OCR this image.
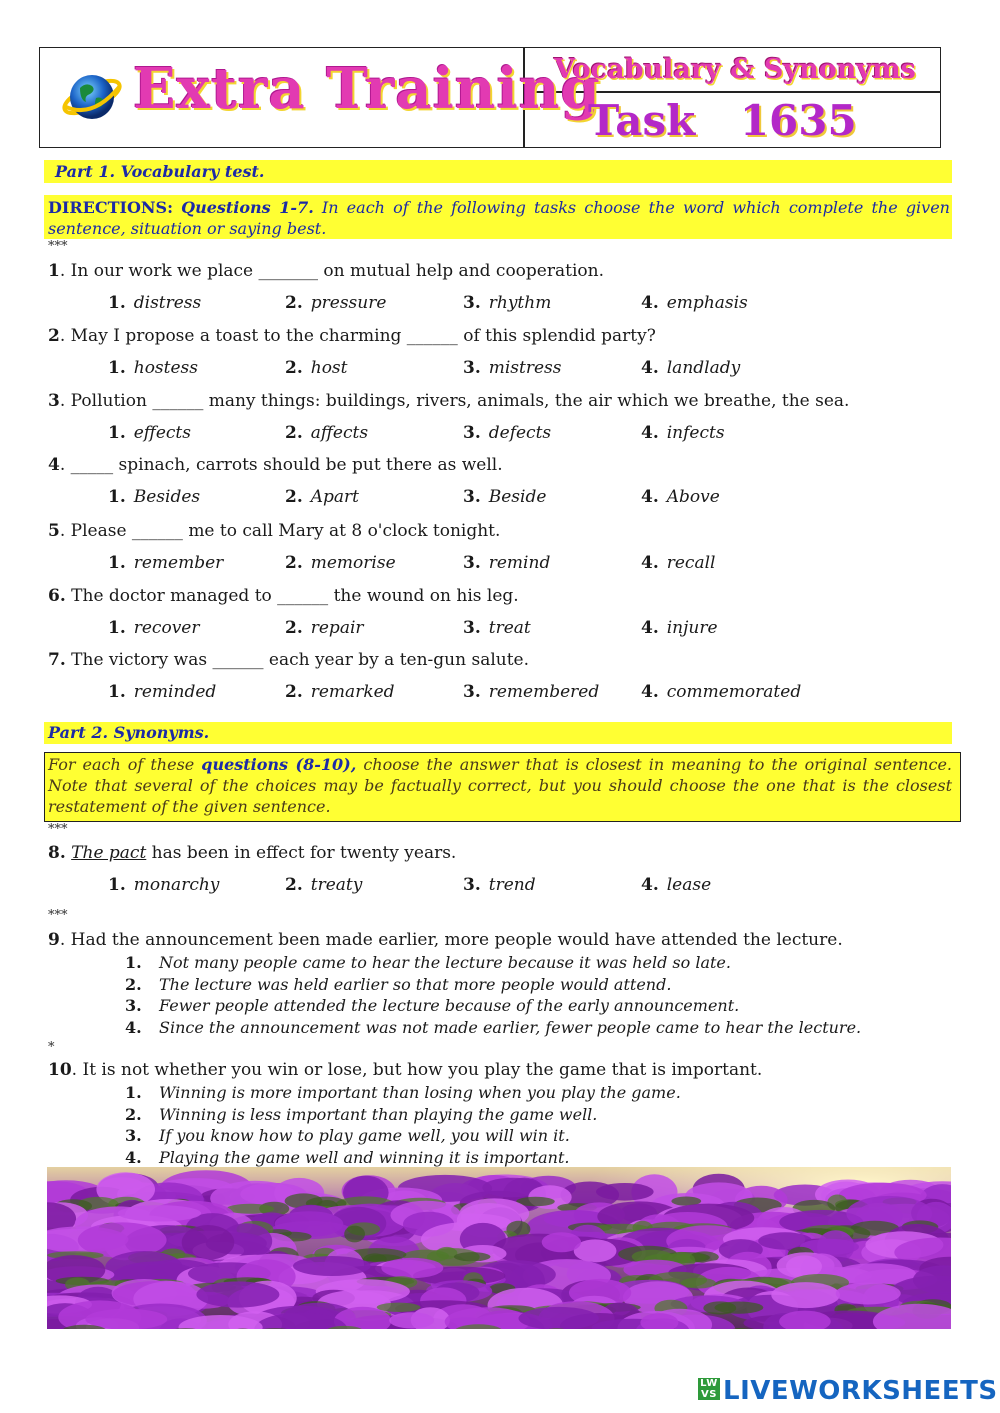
Extra Training
Vocabulary & Synonyms
Task 1635
Part 1. Vocabulary test.
DIRECTIONS: Questions 1-7. In each of the following tasks choose the word which complete the given sentence, situation or saying best.
***
1. In our work we place _______ on mutual help and cooperation.
1. distress	2. pressure	3. rhythm	4. emphasis
2. May I propose a toast to the charming ______ of this splendid party?
1. hostess	2. host	3. mistress	4. landlady
3. Pollution ______ many things: buildings, rivers, animals, the air which we breathe, the sea.
1. effects	2. affects	3. defects	4. infects
4. _____ spinach, carrots should be put there as well.
1. Besides	2. Apart	3. Beside	4. Above
5. Please ______ me to call Mary at 8 o'clock tonight.
1. remember	2. memorise	3. remind	4. recall
6. The doctor managed to ______ the wound on his leg.
1. recover	2. repair	3. treat	4. injure
7. The victory was ______ each year by a ten-gun salute.
1. reminded	2. remarked	3. remembered 4. commemorated
Part 2. Synonyms.
For each of these questions (8-10), choose the answer that is closest in meaning to the original sentence. Note that several of the choices may be factually correct, but you should choose the one that is the closest restatement of the given sentence.
***
8. The pact has been in effect for twenty years.
1. monarchy	2. treaty	3. trend	4. lease
***
9. Had the announcement been made earlier, more people would have attended the lecture.
1. Not many people came to hear the lecture because it was held so late.
2. The lecture was held earlier so that more people would attend.
3. Fewer people attended the lecture because of the early announcement.
4. Since the announcement was not made earlier, fewer people came to hear the lecture.
*
10. It is not whether you win or lose, but how you play the game that is important.
1. Winning is more important than losing when you play the game.
2. Winning is less important than playing the game well.
3. If you know how to play game well, you will win it.
4. Playing the game well and winning it is important.
LW
VS LIVEWORKSHEETS
